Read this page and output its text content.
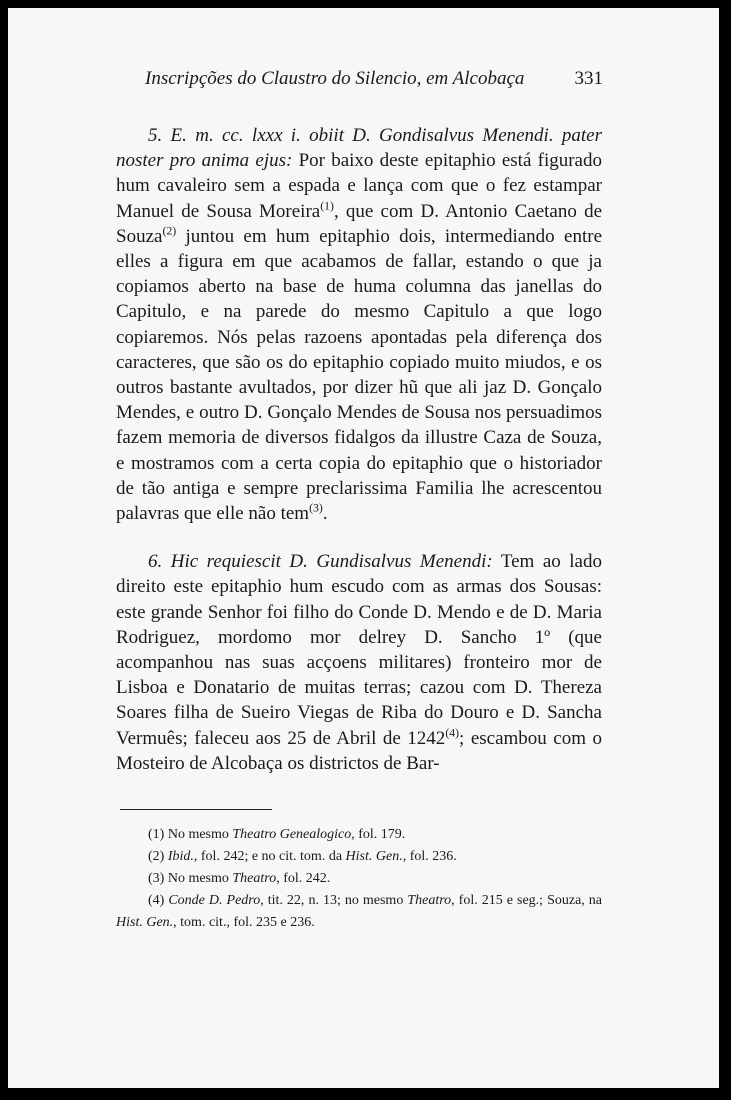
Inscripções do Claustro do Silencio, em Alcobaça	331

5. E. m. cc. lxxx i. obiit D. Gondisalvus Menendi. pater noster pro anima ejus: Por baixo deste epitaphio está figurado hum cavaleiro sem a espada e lança com que o fez estampar Manuel de Sousa Moreira$^{(1)}$, que com D. Antonio Caetano de Souza$^{(2)}$ juntou em hum epitaphio dois, intermediando entre elles a figura em que acabamos de fallar, estando o que ja copiamos aberto na base de huma columna das janellas do Capitulo, e na parede do mesmo Capitulo a que logo copiaremos. Nós pelas razoens apontadas pela diferença dos caracteres, que são os do epitaphio copiado muito miudos, e os outros bastante avultados, por dizer hũ que ali jaz D. Gonçalo Mendes, e outro D. Gonçalo Mendes de Sousa nos persuadimos fazem memoria de diversos fidalgos da illustre Caza de Souza, e mostramos com a certa copia do epitaphio que o historiador de tão antiga e sempre preclarissima Familia lhe acrescentou palavras que elle não tem$^{(3)}$.

6. Hic requiescit D. Gundisalvus Menendi: Tem ao lado direito este epitaphio hum escudo com as armas dos Sousas: este grande Senhor foi filho do Conde D. Mendo e de D. Maria Rodriguez, mordomo mor delrey D. Sancho 1º (que acompanhou nas suas acçoens militares) fronteiro mor de Lisboa e Donatario de muitas terras; cazou com D. Thereza Soares filha de Sueiro Viegas de Riba do Douro e D. Sancha Vermuês; faleceu aos 25 de Abril de 1242$^{(4)}$; escambou com o Mosteiro de Alcobaça os districtos de Bar-

(1) No mesmo Theatro Genealogico, fol. 179.

(2) Ibid., fol. 242; e no cit. tom. da Hist. Gen., fol. 236.

(3) No mesmo Theatro, fol. 242.

(4) Conde D. Pedro, tit. 22, n. 13; no mesmo Theatro, fol. 215 e seg.; Souza, na Hist. Gen., tom. cit., fol. 235 e 236.
